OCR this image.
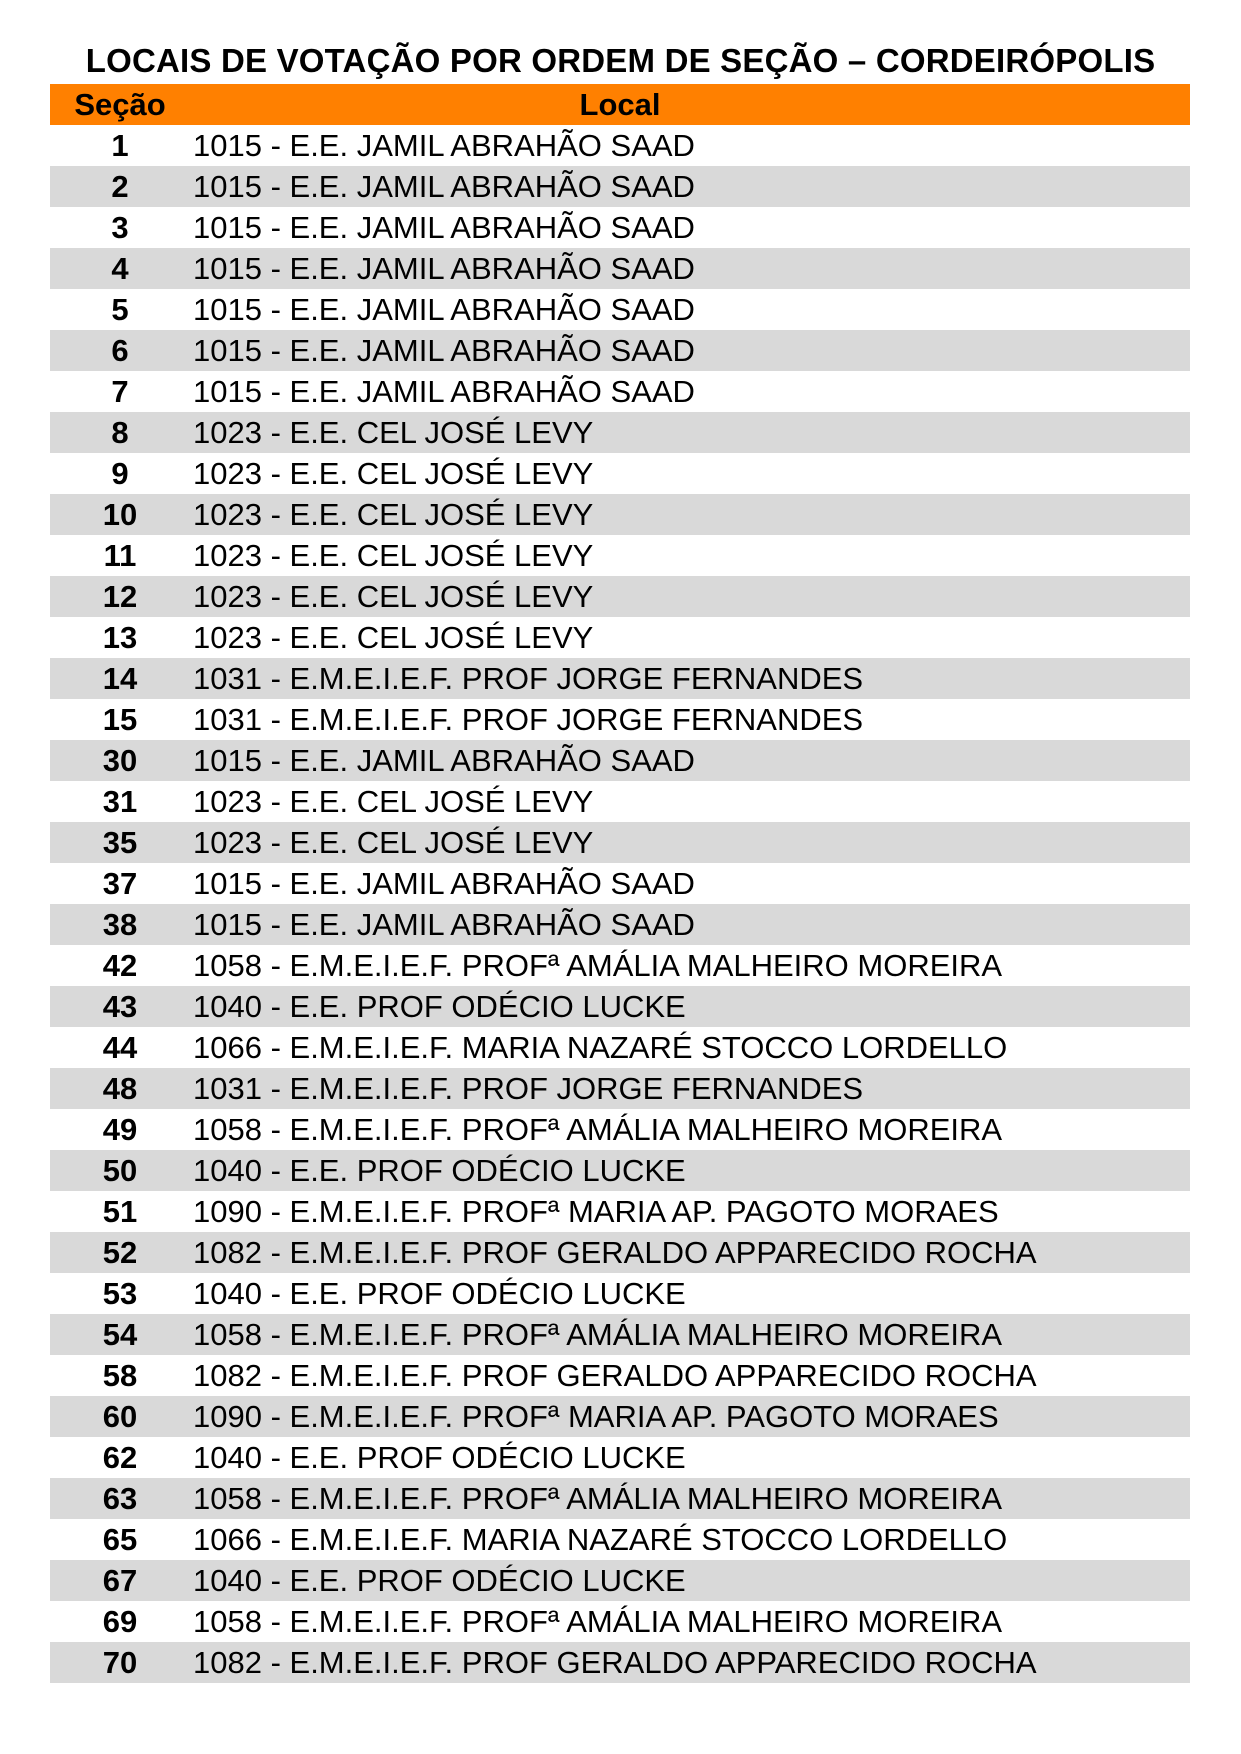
LOCAIS DE VOTAÇÃO POR ORDEM DE SEÇÃO – CORDEIRÓPOLIS
Seção	Local
1	1015 - E.E. JAMIL ABRAHÃO SAAD
2	1015 - E.E. JAMIL ABRAHÃO SAAD
3	1015 - E.E. JAMIL ABRAHÃO SAAD
4	1015 - E.E. JAMIL ABRAHÃO SAAD
5	1015 - E.E. JAMIL ABRAHÃO SAAD
6	1015 - E.E. JAMIL ABRAHÃO SAAD
7	1015 - E.E. JAMIL ABRAHÃO SAAD
8	1023 - E.E. CEL JOSÉ LEVY
9	1023 - E.E. CEL JOSÉ LEVY
10	1023 - E.E. CEL JOSÉ LEVY
11	1023 - E.E. CEL JOSÉ LEVY
12	1023 - E.E. CEL JOSÉ LEVY
13	1023 - E.E. CEL JOSÉ LEVY
14	1031 - E.M.E.I.E.F. PROF JORGE FERNANDES
15	1031 - E.M.E.I.E.F. PROF JORGE FERNANDES
30	1015 - E.E. JAMIL ABRAHÃO SAAD
31	1023 - E.E. CEL JOSÉ LEVY
35	1023 - E.E. CEL JOSÉ LEVY
37	1015 - E.E. JAMIL ABRAHÃO SAAD
38	1015 - E.E. JAMIL ABRAHÃO SAAD
42	1058 - E.M.E.I.E.F. PROFª AMÁLIA MALHEIRO MOREIRA
43	1040 - E.E. PROF ODÉCIO LUCKE
44	1066 - E.M.E.I.E.F. MARIA NAZARÉ STOCCO LORDELLO
48	1031 - E.M.E.I.E.F. PROF JORGE FERNANDES
49	1058 - E.M.E.I.E.F. PROFª AMÁLIA MALHEIRO MOREIRA
50	1040 - E.E. PROF ODÉCIO LUCKE
51	1090 - E.M.E.I.E.F. PROFª MARIA AP. PAGOTO MORAES
52	1082 - E.M.E.I.E.F. PROF GERALDO APPARECIDO ROCHA
53	1040 - E.E. PROF ODÉCIO LUCKE
54	1058 - E.M.E.I.E.F. PROFª AMÁLIA MALHEIRO MOREIRA
58	1082 - E.M.E.I.E.F. PROF GERALDO APPARECIDO ROCHA
60	1090 - E.M.E.I.E.F. PROFª MARIA AP. PAGOTO MORAES
62	1040 - E.E. PROF ODÉCIO LUCKE
63	1058 - E.M.E.I.E.F. PROFª AMÁLIA MALHEIRO MOREIRA
65	1066 - E.M.E.I.E.F. MARIA NAZARÉ STOCCO LORDELLO
67	1040 - E.E. PROF ODÉCIO LUCKE
69	1058 - E.M.E.I.E.F. PROFª AMÁLIA MALHEIRO MOREIRA
70	1082 - E.M.E.I.E.F. PROF GERALDO APPARECIDO ROCHA
